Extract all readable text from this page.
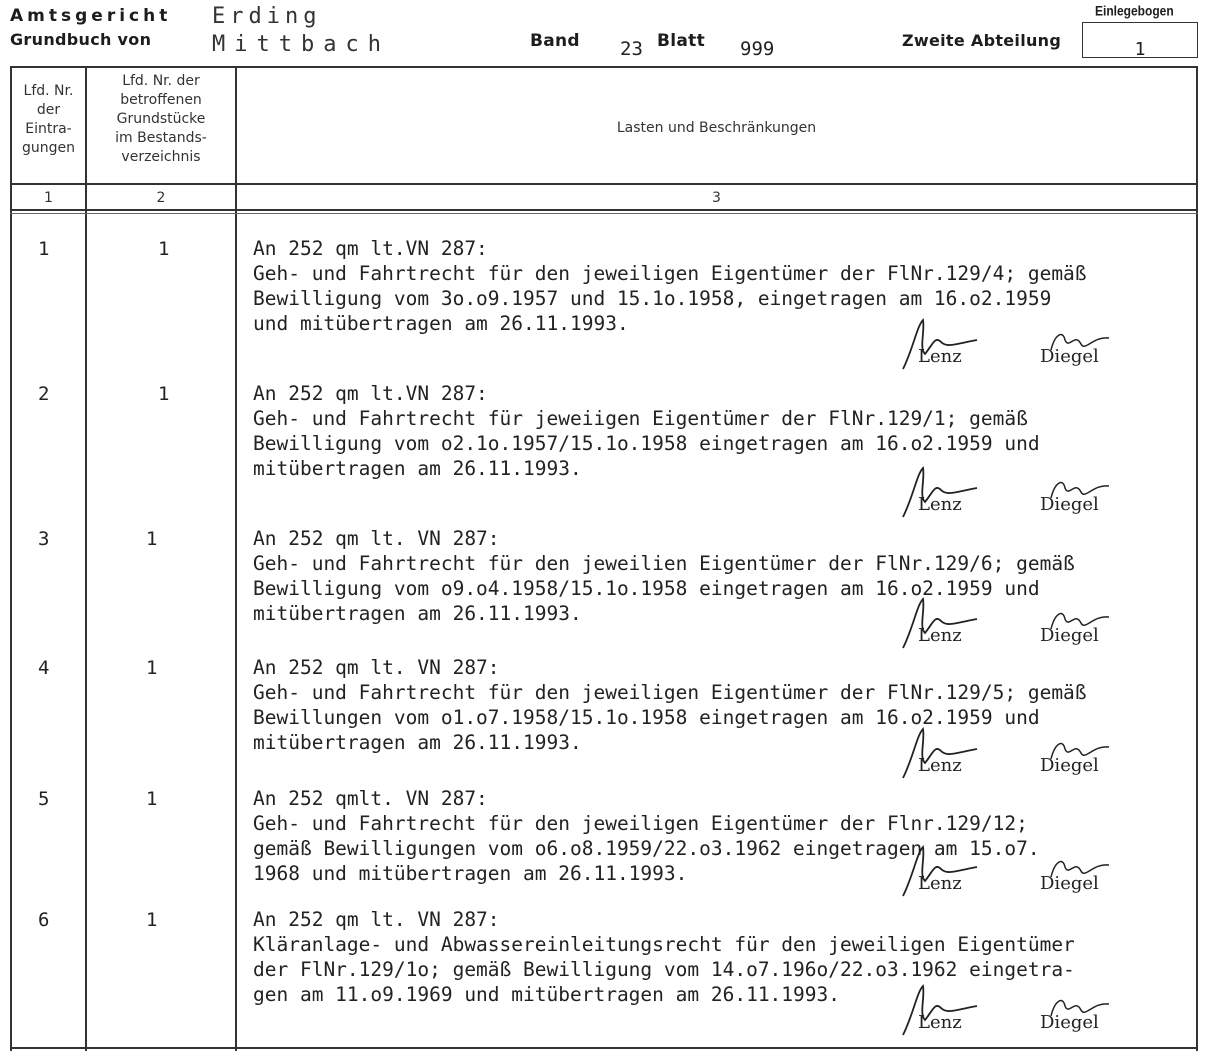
Amtsgericht Erding
Grundbuch von	Mittbach	Band 23 Blatt 999	Zweite Abteilung
Einlegebogen
1
Lfd. Nr.
der
Eintra-
gungen
Lfd. Nr. der
betroffenen
Grundstücke
im Bestands-
verzeichnis
Lasten und Beschränkungen
1	2	3
1	1	An 252 qm lt.VN 287:
Geh- und Fahrtrecht für den jeweiligen Eigentümer der FlNr.129/4; gemäß
Bewilligung vom 3o.o9.1957 und 15.1o.1958, eingetragen am 16.o2.1959
und mitübertragen am 26.11.1993.
Lenz	Diegel
2	1	An 252 qm lt.VN 287:
Geh- und Fahrtrecht für jeweiigen Eigentümer der FlNr.129/1; gemäß
Bewilligung vom o2.1o.1957/15.1o.1958 eingetragen am 16.o2.1959 und
mitübertragen am 26.11.1993.
Lenz	Diegel
3	1	An 252 qm lt. VN 287:
Geh- und Fahrtrecht für den jeweilien Eigentümer der FlNr.129/6; gemäß
Bewilligung vom o9.o4.1958/15.1o.1958 eingetragen am 16.o2.1959 und
mitübertragen am 26.11.1993.
Lenz	Diegel
4	1	An 252 qm lt. VN 287:
Geh- und Fahrtrecht für den jeweiligen Eigentümer der FlNr.129/5; gemäß
Bewillungen vom o1.o7.1958/15.1o.1958 eingetragen am 16.o2.1959 und
mitübertragen am 26.11.1993.
Lenz	Diegel
5	1	An 252 qmlt. VN 287:
Geh- und Fahrtrecht für den jeweiligen Eigentümer der Flnr.129/12;
gemäß Bewilligungen vom o6.o8.1959/22.o3.1962 eingetragen am 15.o7.
1968 und mitübertragen am 26.11.1993.	Lenz	Diegel
6	1	An 252 qm lt. VN 287:
Kläranlage- und Abwassereinleitungsrecht für den jeweiligen Eigentümer
der FlNr.129/1o; gemäß Bewilligung vom 14.o7.196o/22.o3.1962 eingetra-
gen am 11.o9.1969 und mitübertragen am 26.11.1993.
Lenz	Diegel
